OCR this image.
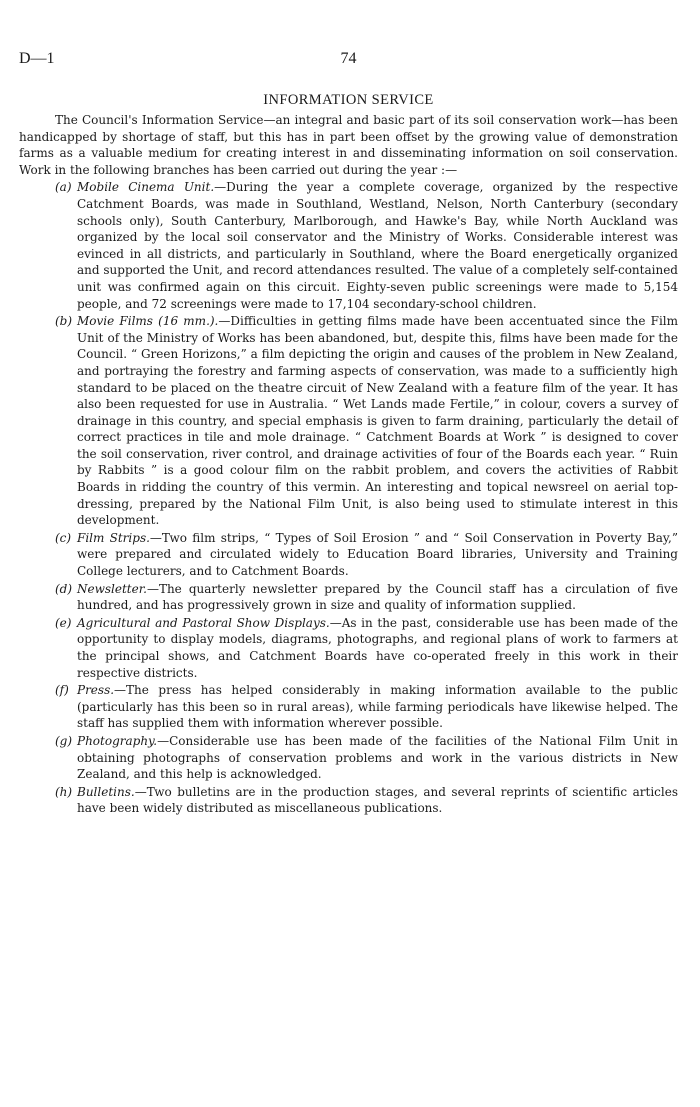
D—1	74
INFORMATION SERVICE

The Council's Information Service—an integral and basic part of its soil conservation work—has been handicapped by shortage of staff, but this has in part been offset by the growing value of demonstration farms as a valuable medium for creating interest in and disseminating information on soil conservation. Work in the following branches has been carried out during the year :—

(a) Mobile Cinema Unit.—During the year a complete coverage, organized by the respective Catchment Boards, was made in Southland, Westland, Nelson, North Canterbury (secondary schools only), South Canterbury, Marlborough, and Hawke's Bay, while North Auckland was organized by the local soil conservator and the Ministry of Works. Considerable interest was evinced in all districts, and particularly in Southland, where the Board energetically organized and supported the Unit, and record attendances resulted. The value of a completely self-contained unit was confirmed again on this circuit. Eighty-seven public screenings were made to 5,154 people, and 72 screenings were made to 17,104 secondary-school children.

(b) Movie Films (16 mm.).—Difficulties in getting films made have been accentuated since the Film Unit of the Ministry of Works has been abandoned, but, despite this, films have been made for the Council. “ Green Horizons,” a film depicting the origin and causes of the problem in New Zealand, and portraying the forestry and farming aspects of conservation, was made to a sufficiently high standard to be placed on the theatre circuit of New Zealand with a feature film of the year. It has also been requested for use in Australia. “ Wet Lands made Fertile,” in colour, covers a survey of drainage in this country, and special emphasis is given to farm draining, particularly the detail of correct practices in tile and mole drainage. “ Catchment Boards at Work ” is designed to cover the soil conservation, river control, and drainage activities of four of the Boards each year. “ Ruin by Rabbits ” is a good colour film on the rabbit problem, and covers the activities of Rabbit Boards in ridding the country of this vermin. An interesting and topical newsreel on aerial top-dressing, prepared by the National Film Unit, is also being used to stimulate interest in this development.

(c) Film Strips.—Two film strips, “ Types of Soil Erosion ” and “ Soil Conservation in Poverty Bay,” were prepared and circulated widely to Education Board libraries, University and Training College lecturers, and to Catchment Boards.

(d) Newsletter.—The quarterly newsletter prepared by the Council staff has a circulation of five hundred, and has progressively grown in size and quality of information supplied.

(e) Agricultural and Pastoral Show Displays.—As in the past, considerable use has been made of the opportunity to display models, diagrams, photographs, and regional plans of work to farmers at the principal shows, and Catchment Boards have co-operated freely in this work in their respective districts.

(f) Press.—The press has helped considerably in making information available to the public (particularly has this been so in rural areas), while farming periodicals have likewise helped. The staff has supplied them with information wherever possible.

(g) Photography.—Considerable use has been made of the facilities of the National Film Unit in obtaining photographs of conservation problems and work in the various districts in New Zealand, and this help is acknowledged.

(h) Bulletins.—Two bulletins are in the production stages, and several reprints of scientific articles have been widely distributed as miscellaneous publications.
